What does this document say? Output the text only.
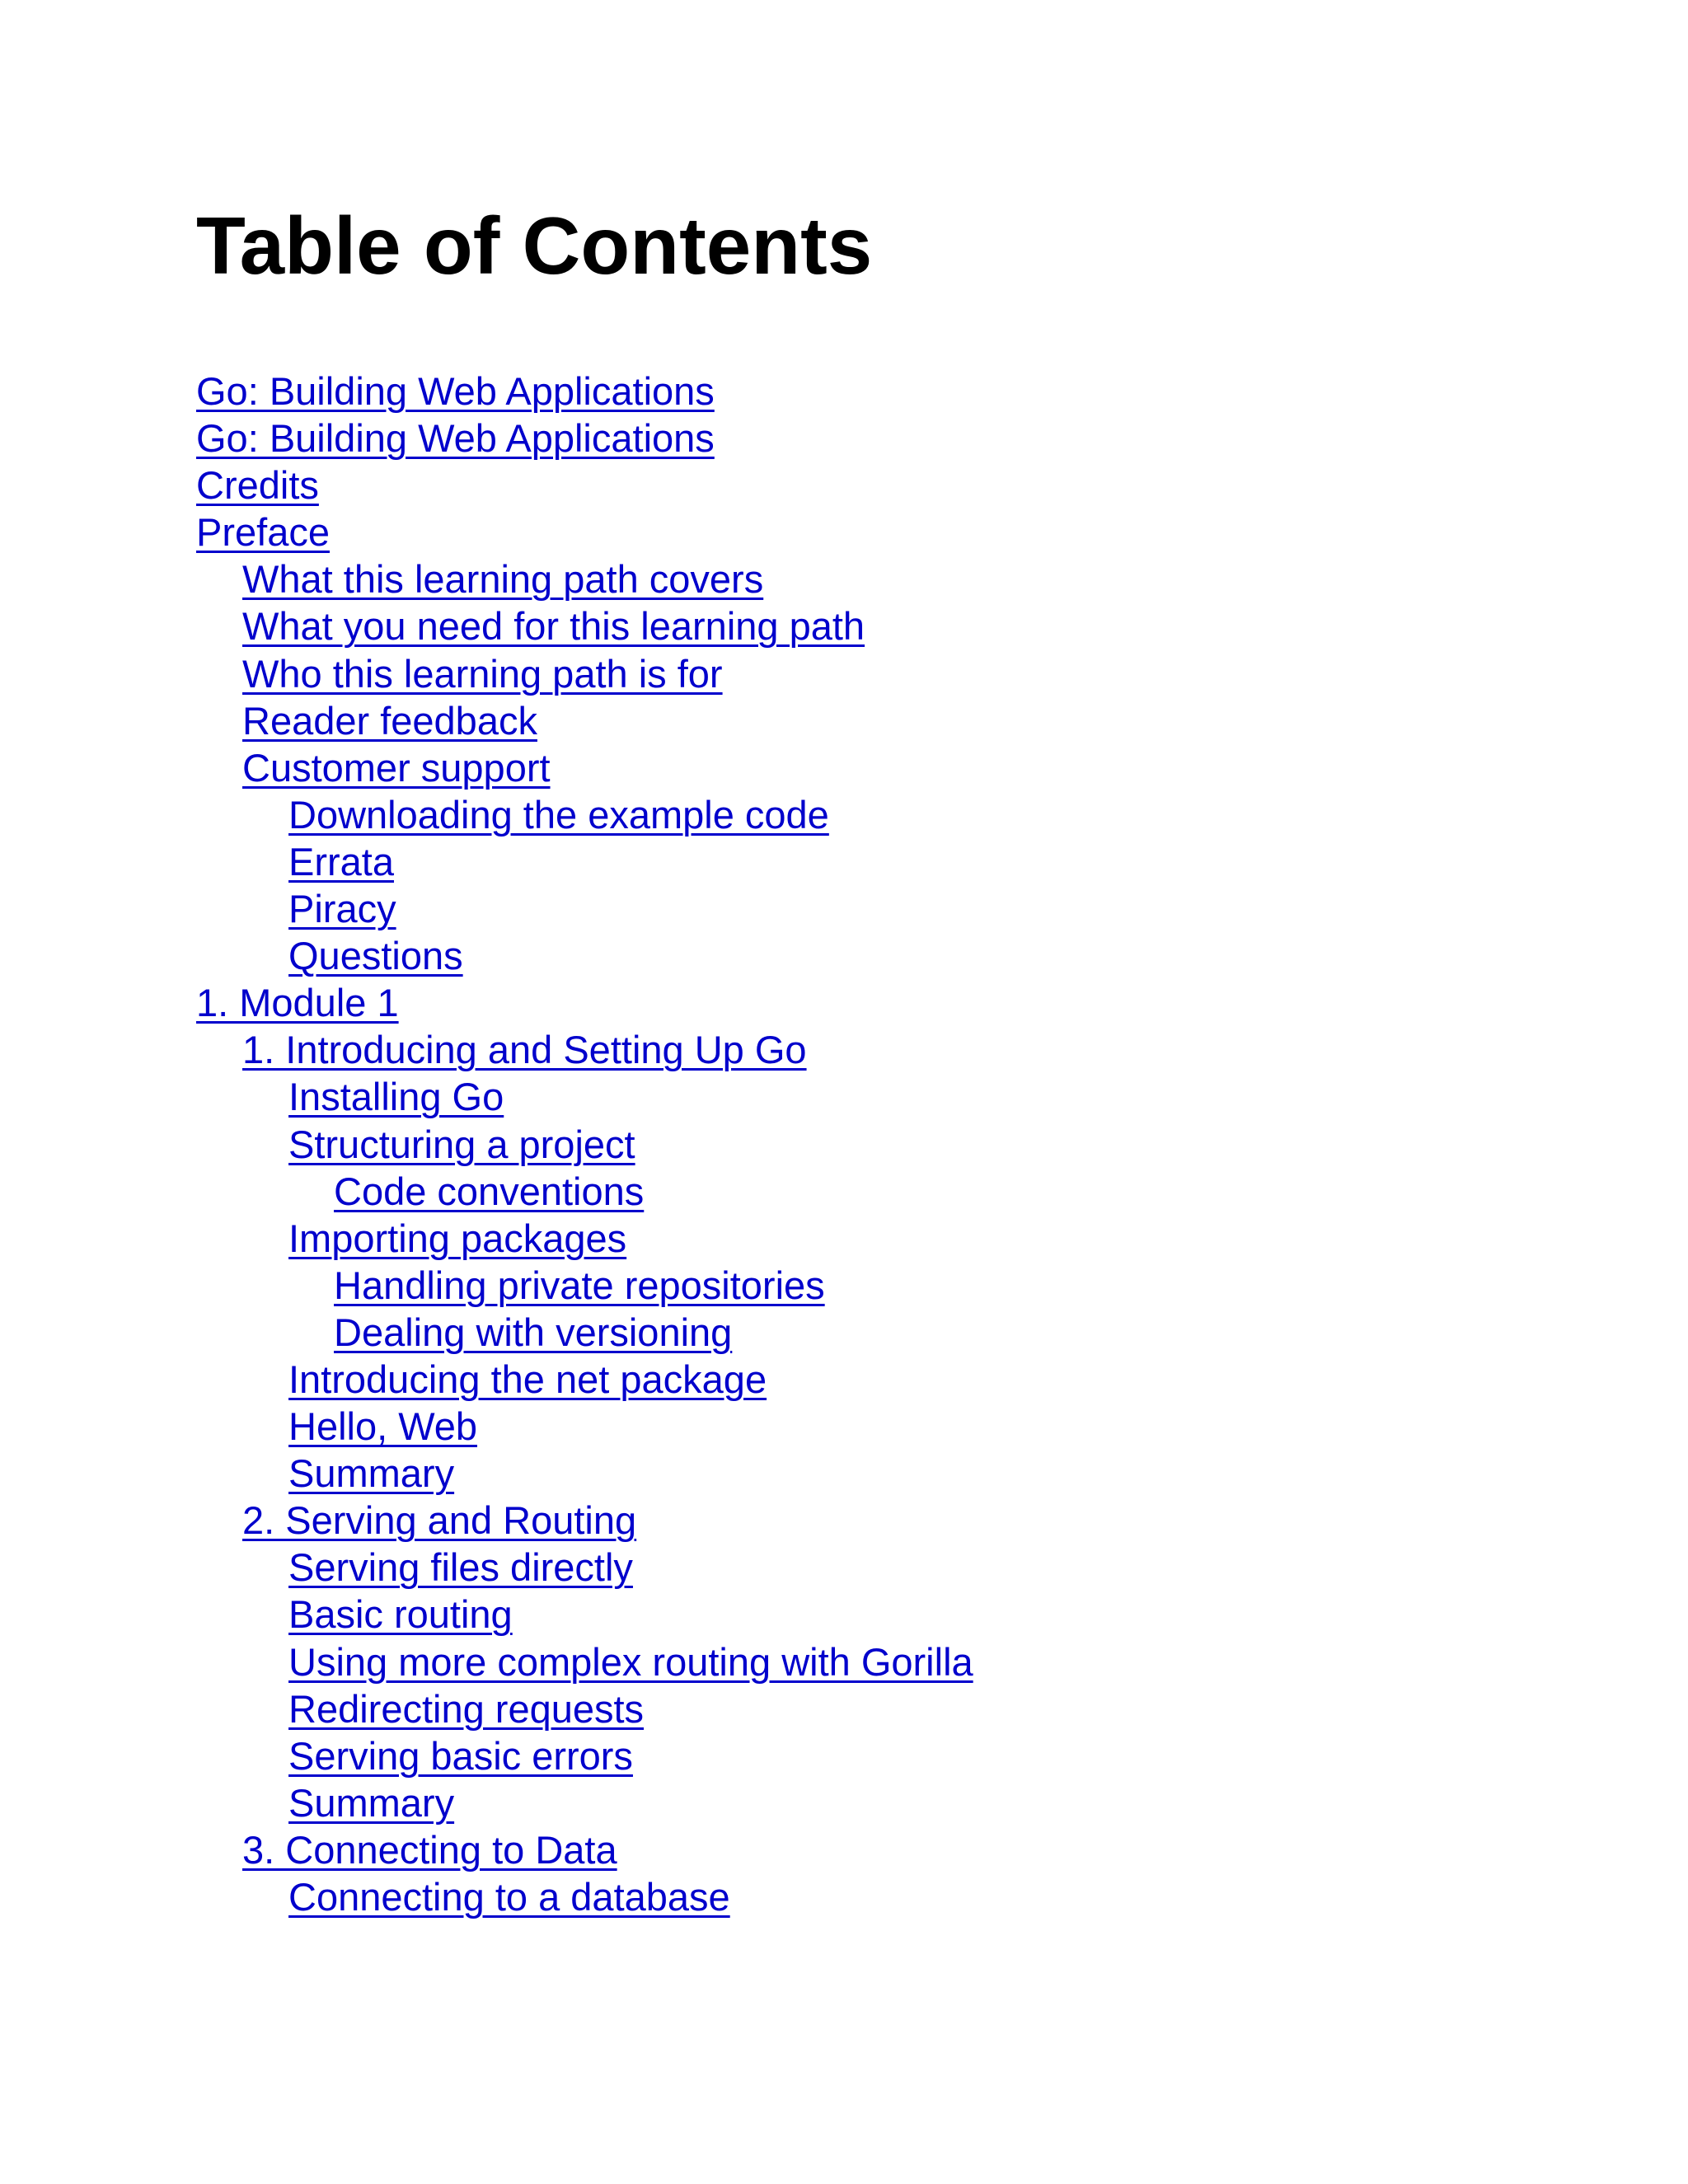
Table of Contents
Go: Building Web Applications
Go: Building Web Applications
Credits
Preface
What this learning path covers
What you need for this learning path
Who this learning path is for
Reader feedback
Customer support
Downloading the example code
Errata
Piracy
Questions
1. Module 1
1. Introducing and Setting Up Go
Installing Go
Structuring a project
Code conventions
Importing packages
Handling private repositories
Dealing with versioning
Introducing the net package
Hello, Web
Summary
2. Serving and Routing
Serving files directly
Basic routing
Using more complex routing with Gorilla
Redirecting requests
Serving basic errors
Summary
3. Connecting to Data
Connecting to a database
